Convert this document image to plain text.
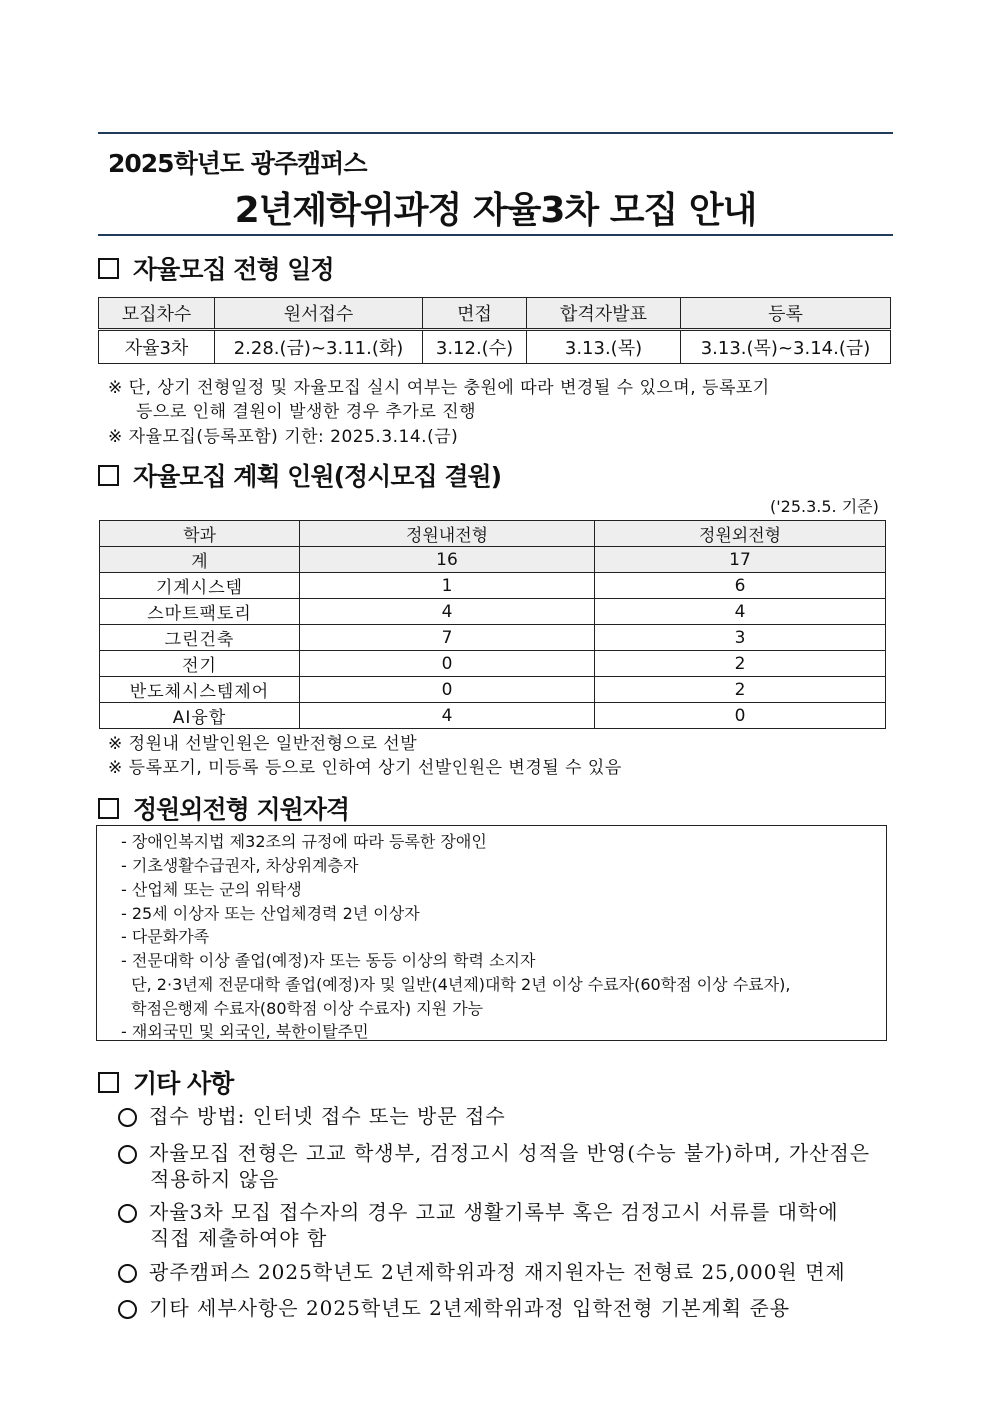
2025학년도 광주캠퍼스
2년제학위과정 자율3차 모집 안내
자율모집 전형 일정
모집차수	원서접수	면접	합격자발표	등록
자율3차	2.28.(금)~3.11.(화)	3.12.(수)	3.13.(목)	3.13.(목)~3.14.(금)
※ 단, 상기 전형일정 및 자율모집 실시 여부는 충원에 따라 변경될 수 있으며, 등록포기
등으로 인해 결원이 발생한 경우 추가로 진행
※ 자율모집(등록포함) 기한: 2025.3.14.(금)
자율모집 계획 인원(정시모집 결원)
('25.3.5. 기준)
학과	정원내전형	정원외전형
계	16	17
기계시스템	1	6
스마트팩토리	4	4
그린건축	7	3
전기	0	2
반도체시스템제어	0	2
AI융합	4	0
※ 정원내 선발인원은 일반전형으로 선발
※ 등록포기, 미등록 등으로 인하여 상기 선발인원은 변경될 수 있음
정원외전형 지원자격
- 장애인복지법 제32조의 규정에 따라 등록한 장애인
- 기초생활수급권자, 차상위계층자
- 산업체 또는 군의 위탁생
- 25세 이상자 또는 산업체경력 2년 이상자
- 다문화가족
- 전문대학 이상 졸업(예정)자 또는 동등 이상의 학력 소지자
단, 2·3년제 전문대학 졸업(예정)자 및 일반(4년제)대학 2년 이상 수료자(60학점 이상 수료자),
학점은행제 수료자(80학점 이상 수료자) 지원 가능
- 재외국민 및 외국인, 북한이탈주민
기타 사항
접수 방법: 인터넷 접수 또는 방문 접수
자율모집 전형은 고교 학생부, 검정고시 성적을 반영(수능 불가)하며, 가산점은
적용하지 않음
자율3차 모집 접수자의 경우 고교 생활기록부 혹은 검정고시 서류를 대학에
직접 제출하여야 함
광주캠퍼스 2025학년도 2년제학위과정 재지원자는 전형료 25,000원 면제
기타 세부사항은 2025학년도 2년제학위과정 입학전형 기본계획 준용
